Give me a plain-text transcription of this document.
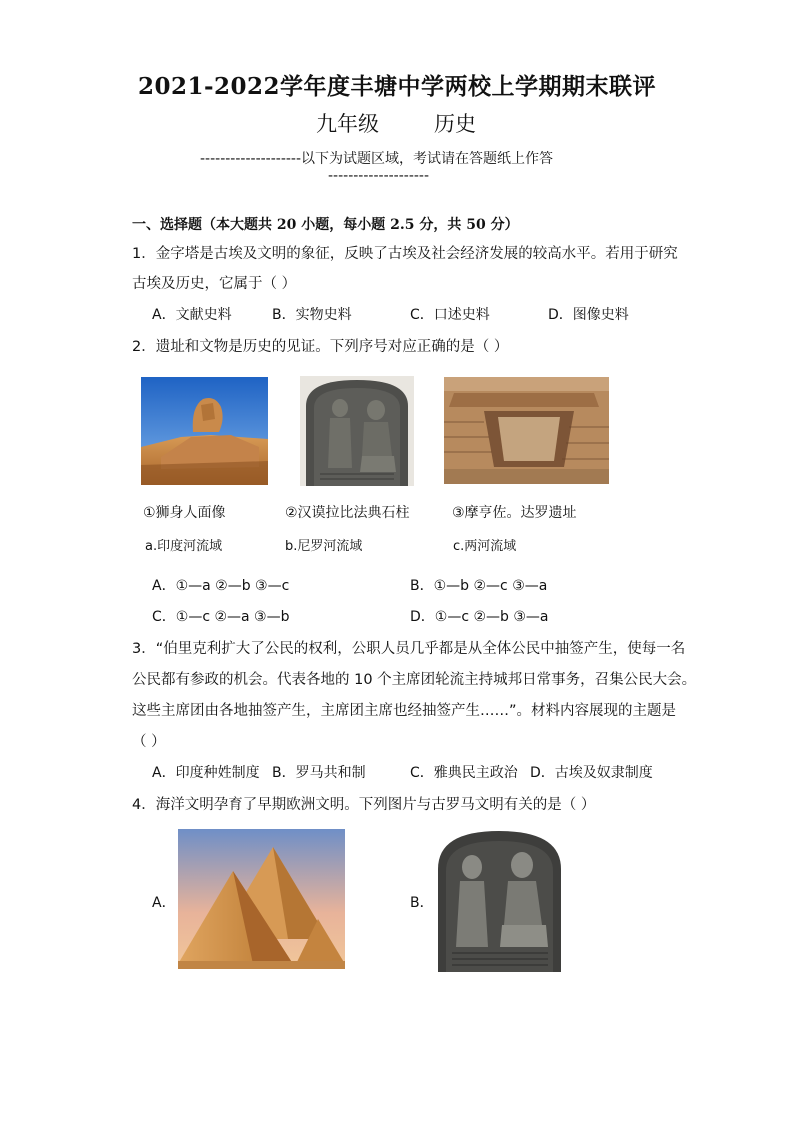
2021-2022学年度丰塘中学两校上学期期末联评
九年级	历史
--------------------以下为试题区域，考试请在答题纸上作答
--------------------
一、选择题（本大题共 20 小题，每小题 2.5 分，共 50 分）
1．金字塔是古埃及文明的象征，反映了古埃及社会经济发展的较高水平。若用于研究
古埃及历史，它属于（ ）
A．文献史料	B．实物史料	C．口述史料	D．图像史料
2．遗址和文物是历史的见证。下列序号对应正确的是（ ）
①狮身人面像	②汉谟拉比法典石柱	③摩亨佐。达罗遗址
a.印度河流域	b.尼罗河流域	c.两河流域
A．①—a ②—b ③—c	B．①—b ②—c ③—a
C．①—c ②—a ③—b	D．①—c ②—b ③—a
3．“伯里克利扩大了公民的权利，公职人员几乎都是从全体公民中抽签产生，使每一名
公民都有参政的机会。代表各地的 10 个主席团轮流主持城邦日常事务，召集公民大会。
这些主席团由各地抽签产生，主席团主席也经抽签产生……”。材料内容展现的主题是
（ ）
A．印度种姓制度 B．罗马共和制	C．雅典民主政治 D．古埃及奴隶制度
4．海洋文明孕育了早期欧洲文明。下列图片与古罗马文明有关的是（ ）
A．	B．
